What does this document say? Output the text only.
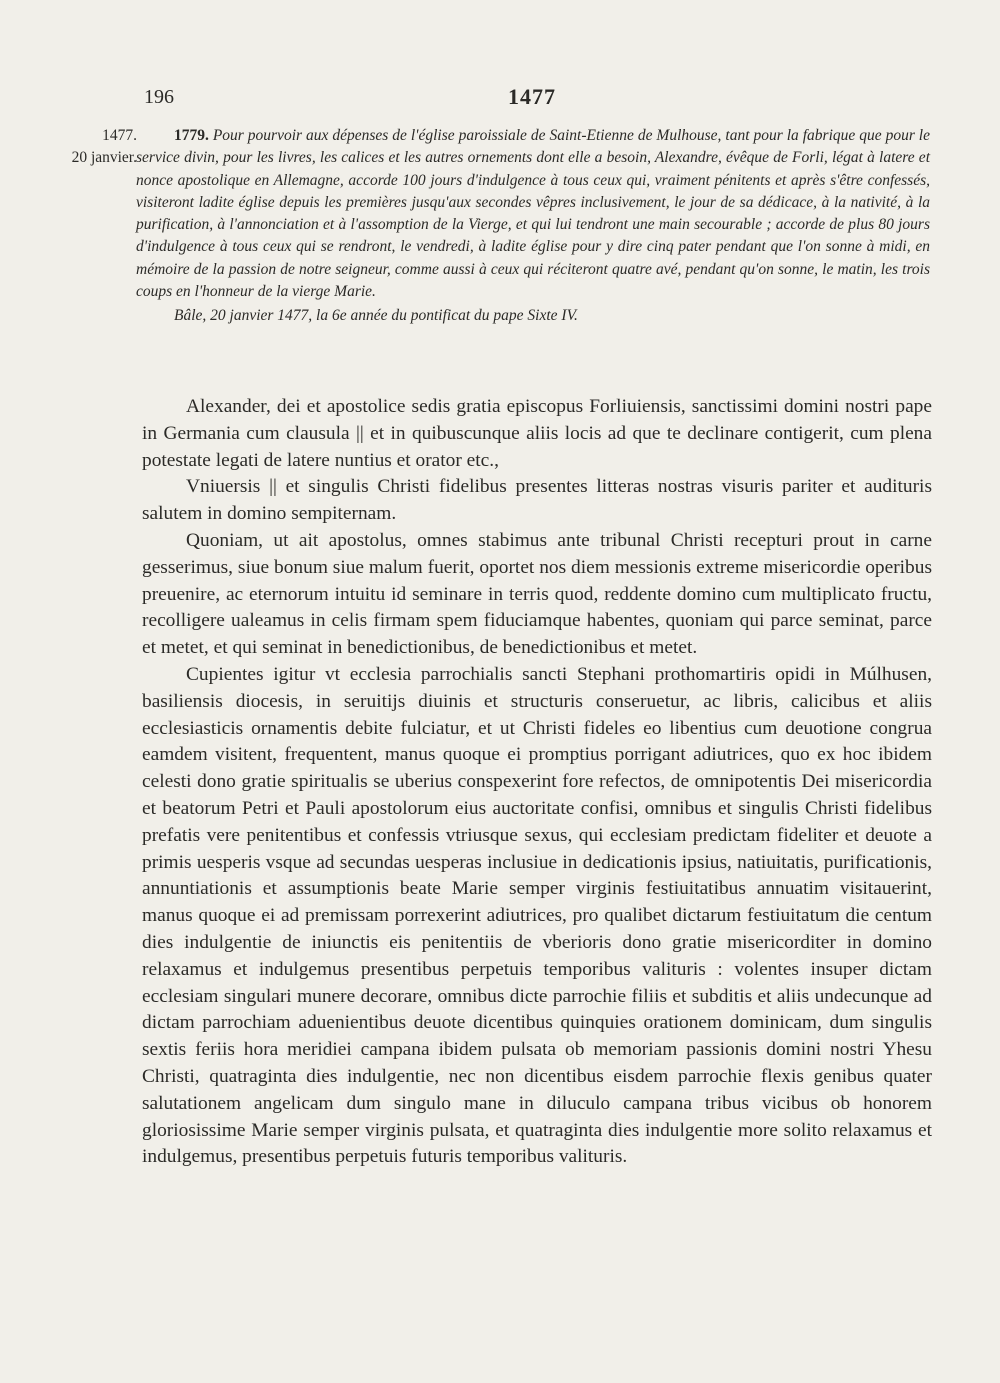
196	1477
1477.
20 janvier.

1779. Pour pourvoir aux dépenses de l'église paroissiale de Saint-Etienne de Mulhouse, tant pour la fabrique que pour le service divin, pour les livres, les calices et les autres ornements dont elle a besoin, Alexandre, évêque de Forli, légat à latere et nonce apostolique en Allemagne, accorde 100 jours d'indulgence à tous ceux qui, vraiment pénitents et après s'être confessés, visiteront ladite église depuis les premières jusqu'aux secondes vêpres inclusivement, le jour de sa dédicace, à la nativité, à la purification, à l'annonciation et à l'assomption de la Vierge, et qui lui tendront une main secourable ; accorde de plus 80 jours d'indulgence à tous ceux qui se rendront, le vendredi, à ladite église pour y dire cinq pater pendant que l'on sonne à midi, en mémoire de la passion de notre seigneur, comme aussi à ceux qui réciteront quatre avé, pendant qu'on sonne, le matin, les trois coups en l'honneur de la vierge Marie.

Bâle, 20 janvier 1477, la 6e année du pontificat du pape Sixte IV.

Alexander, dei et apostolice sedis gratia episcopus Forliuiensis, sanctissimi domini nostri pape in Germania cum clausula || et in quibuscunque aliis locis ad que te declinare contigerit, cum plena potestate legati de latere nuntius et orator etc.,

Vniuersis || et singulis Christi fidelibus presentes litteras nostras visuris pariter et audituris salutem in domino sempiternam.

Quoniam, ut ait apostolus, omnes stabimus ante tribunal Christi recepturi prout in carne gesserimus, siue bonum siue malum fuerit, oportet nos diem messionis extreme misericordie operibus preuenire, ac eternorum intuitu id seminare in terris quod, reddente domino cum multiplicato fructu, recolligere ualeamus in celis firmam spem fiduciamque habentes, quoniam qui parce seminat, parce et metet, et qui seminat in benedictionibus, de benedictionibus et metet.

Cupientes igitur vt ecclesia parrochialis sancti Stephani prothomartiris opidi in Múlhusen, basiliensis diocesis, in seruitijs diuinis et structuris conseruetur, ac libris, calicibus et aliis ecclesiasticis ornamentis debite fulciatur, et ut Christi fideles eo libentius cum deuotione congrua eamdem visitent, frequentent, manus quoque ei promptius porrigant adiutrices, quo ex hoc ibidem celesti dono gratie spiritualis se uberius conspexerint fore refectos, de omnipotentis Dei misericordia et beatorum Petri et Pauli apostolorum eius auctoritate confisi, omnibus et singulis Christi fidelibus prefatis vere penitentibus et confessis vtriusque sexus, qui ecclesiam predictam fideliter et deuote a primis uesperis vsque ad secundas uesperas inclusiue in dedicationis ipsius, natiuitatis, purificationis, annuntiationis et assumptionis beate Marie semper virginis festiuitatibus annuatim visitauerint, manus quoque ei ad premissam porrexerint adiutrices, pro qualibet dictarum festiuitatum die centum dies indulgentie de iniunctis eis penitentiis de vberioris dono gratie misericorditer in domino relaxamus et indulgemus presentibus perpetuis temporibus valituris : volentes insuper dictam ecclesiam singulari munere decorare, omnibus dicte parrochie filiis et subditis et aliis undecunque ad dictam parrochiam aduenientibus deuote dicentibus quinquies orationem dominicam, dum singulis sextis feriis hora meridiei campana ibidem pulsata ob memoriam passionis domini nostri Yhesu Christi, quatraginta dies indulgentie, nec non dicentibus eisdem parrochie flexis genibus quater salutationem angelicam dum singulo mane in diluculo campana tribus vicibus ob honorem gloriosissime Marie semper virginis pulsata, et quatraginta dies indulgentie more solito relaxamus et indulgemus, presentibus perpetuis futuris temporibus valituris.
